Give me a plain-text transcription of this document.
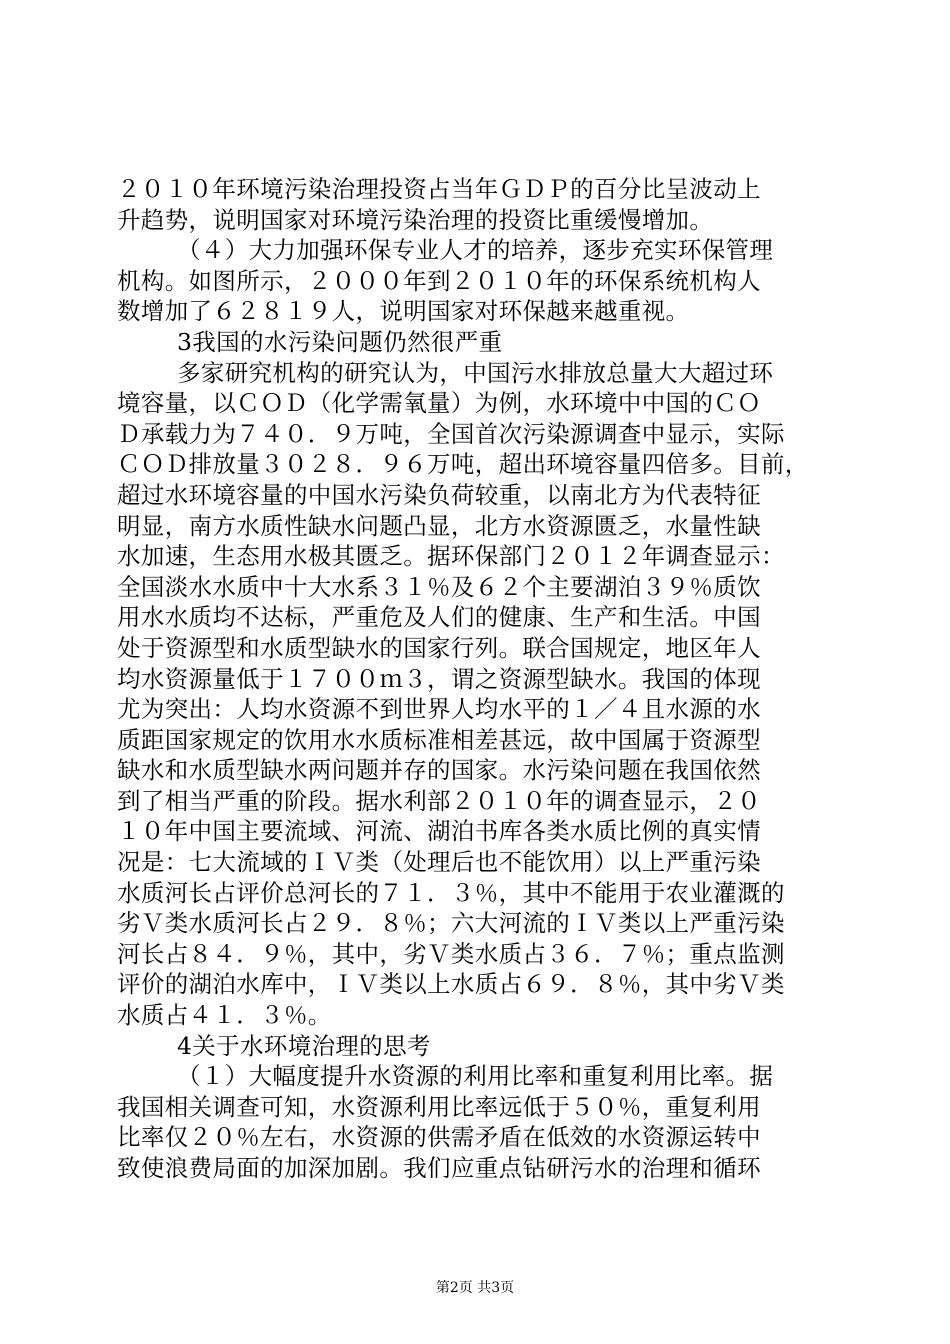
２０１０年环境污染治理投资占当年ＧＤＰ的百分比呈波动上
升趋势，说明国家对环境污染治理的投资比重缓慢增加。
（４）大力加强环保专业人才的培养，逐步充实环保管理
机构。如图所示，２０００年到２０１０年的环保系统机构人
数增加了６２８１９人，说明国家对环保越来越重视。
3我国的水污染问题仍然很严重
多家研究机构的研究认为，中国污水排放总量大大超过环
境容量，以ＣＯＤ（化学需氧量）为例，水环境中中国的ＣＯ
Ｄ承载力为７４０．９万吨，全国首次污染源调查中显示，实际
ＣＯＤ排放量３０２８．９６万吨，超出环境容量四倍多。目前，
超过水环境容量的中国水污染负荷较重，以南北方为代表特征
明显，南方水质性缺水问题凸显，北方水资源匮乏，水量性缺
水加速，生态用水极其匮乏。据环保部门２０１２年调查显示：
全国淡水水质中十大水系３１％及６２个主要湖泊３９％质饮
用水水质均不达标，严重危及人们的健康、生产和生活。中国
处于资源型和水质型缺水的国家行列。联合国规定，地区年人
均水资源量低于１７００ｍ３，谓之资源型缺水。我国的体现
尤为突出：人均水资源不到世界人均水平的１／４且水源的水
质距国家规定的饮用水水质标准相差甚远，故中国属于资源型
缺水和水质型缺水两问题并存的国家。水污染问题在我国依然
到了相当严重的阶段。据水利部２０１０年的调查显示，２０
１０年中国主要流域、河流、湖泊书库各类水质比例的真实情
况是：七大流域的ＩＶ类（处理后也不能饮用）以上严重污染
水质河长占评价总河长的７１．３％，其中不能用于农业灌溉的
劣Ｖ类水质河长占２９．８％；六大河流的ＩＶ类以上严重污染
河长占８４．９％，其中，劣Ｖ类水质占３６．７％；重点监测
评价的湖泊水库中，ＩＶ类以上水质占６９．８％，其中劣Ｖ类
水质占４１．３％。
4关于水环境治理的思考
（１）大幅度提升水资源的利用比率和重复利用比率。据
我国相关调查可知，水资源利用比率远低于５０％，重复利用
比率仅２０％左右，水资源的供需矛盾在低效的水资源运转中
致使浪费局面的加深加剧。我们应重点钻研污水的治理和循环
第2页 共3页
